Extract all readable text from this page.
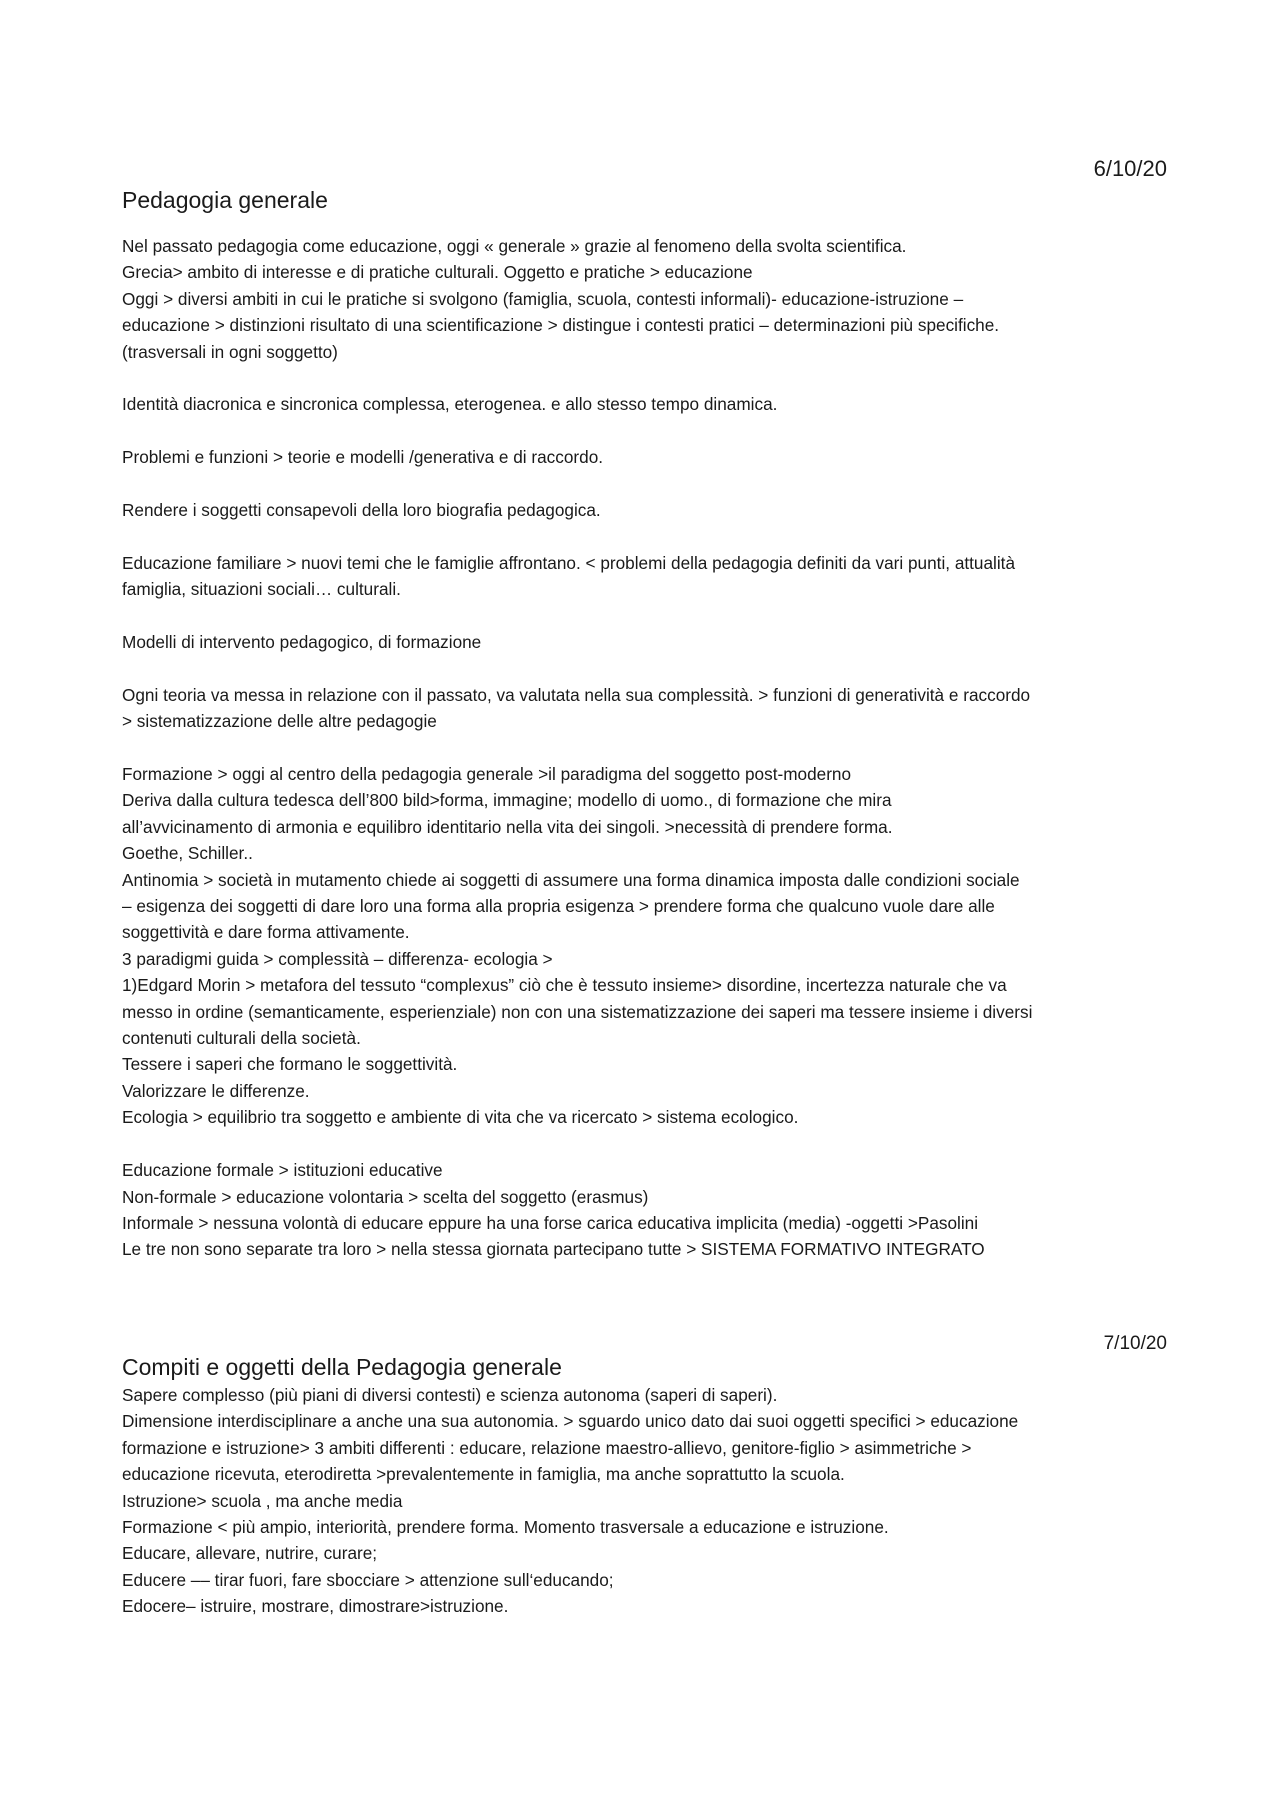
6/10/20
Pedagogia generale

Nel passato pedagogia come educazione, oggi « generale » grazie al fenomeno della svolta scientifica.
Grecia> ambito di interesse e di pratiche culturali. Oggetto e pratiche > educazione
Oggi > diversi ambiti in cui le pratiche si svolgono (famiglia, scuola, contesti informali)- educazione-istruzione –
educazione > distinzioni risultato di una scientificazione > distingue i contesti pratici – determinazioni più specifiche.
(trasversali in ogni soggetto)

Identità diacronica e sincronica complessa, eterogenea. e allo stesso tempo dinamica.

Problemi e funzioni > teorie e modelli /generativa e di raccordo.

Rendere i soggetti consapevoli della loro biografia pedagogica.

Educazione familiare > nuovi temi che le famiglie affrontano. < problemi della pedagogia definiti da vari punti, attualità
famiglia, situazioni sociali… culturali.

Modelli di intervento pedagogico, di formazione

Ogni teoria va messa in relazione con il passato, va valutata nella sua complessità. > funzioni di generatività e raccordo
> sistematizzazione delle altre pedagogie

Formazione > oggi al centro della pedagogia generale >il paradigma del soggetto post-moderno
Deriva dalla cultura tedesca dell’800 bild>forma, immagine; modello di uomo., di formazione che mira
all’avvicinamento di armonia e equilibro identitario nella vita dei singoli. >necessità di prendere forma.
Goethe, Schiller..
Antinomia > società in mutamento chiede ai soggetti di assumere una forma dinamica imposta dalle condizioni sociale
– esigenza dei soggetti di dare loro una forma alla propria esigenza > prendere forma che qualcuno vuole dare alle
soggettività e dare forma attivamente.
3 paradigmi guida > complessità – differenza- ecologia >
1)Edgard Morin > metafora del tessuto “complexus” ciò che è tessuto insieme> disordine, incertezza naturale che va
messo in ordine (semanticamente, esperienziale) non con una sistematizzazione dei saperi ma tessere insieme i diversi
contenuti culturali della società.
Tessere i saperi che formano le soggettività.
Valorizzare le differenze.
Ecologia > equilibrio tra soggetto e ambiente di vita che va ricercato > sistema ecologico.

Educazione formale > istituzioni educative
Non-formale > educazione volontaria > scelta del soggetto (erasmus)
Informale > nessuna volontà di educare eppure ha una forse carica educativa implicita (media) -oggetti >Pasolini
Le tre non sono separate tra loro > nella stessa giornata partecipano tutte > SISTEMA FORMATIVO INTEGRATO

7/10/20
Compiti e oggetti della Pedagogia generale

Sapere complesso (più piani di diversi contesti) e scienza autonoma (saperi di saperi).
Dimensione interdisciplinare a anche una sua autonomia. > sguardo unico dato dai suoi oggetti specifici > educazione
formazione e istruzione> 3 ambiti differenti : educare, relazione maestro-allievo, genitore-figlio > asimmetriche >
educazione ricevuta, eterodiretta >prevalentemente in famiglia, ma anche soprattutto la scuola.
Istruzione> scuola , ma anche media
Formazione < più ampio, interiorità, prendere forma. Momento trasversale a educazione e istruzione.
Educare, allevare, nutrire, curare;
Educere –– tirar fuori, fare sbocciare > attenzione sull‘educando;
Edocere– istruire, mostrare, dimostrare>istruzione.
